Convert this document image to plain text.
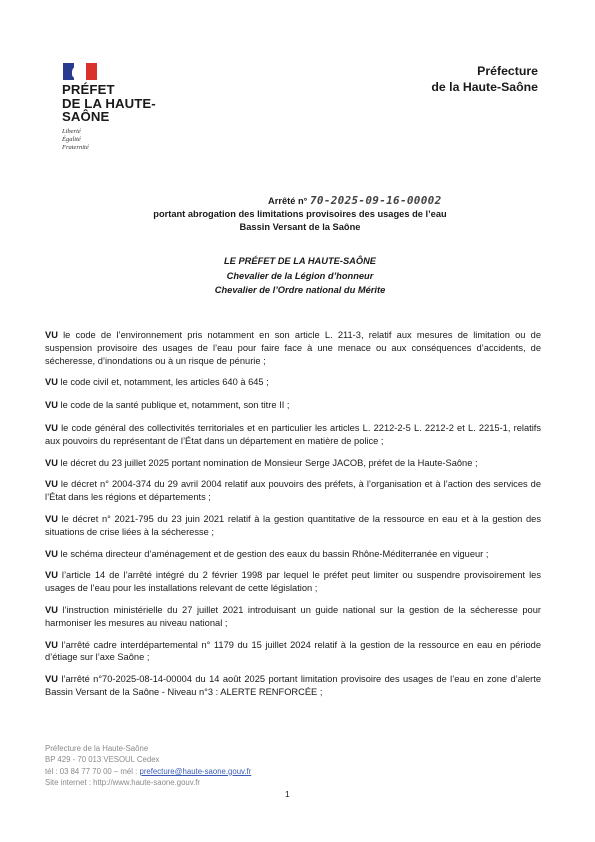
PRÉFET
DE LA HAUTE-
SAÔNE
Liberté
Égalité
Fraternité
Préfecture
de la Haute-Saône
Arrêté n° 70-2025-09-16-00002
portant abrogation des limitations provisoires des usages de l’eau
Bassin Versant de la Saône
LE PRÉFET DE LA HAUTE-SAÔNE
Chevalier de la Légion d’honneur
Chevalier de l’Ordre national du Mérite

VU le code de l’environnement pris notamment en son article L. 211-3, relatif aux mesures de limitation ou de suspension provisoire des usages de l’eau pour faire face à une menace ou aux conséquences d’accidents, de sécheresse, d’inondations ou à un risque de pénurie ;

VU le code civil et, notamment, les articles 640 à 645 ;

VU le code de la santé publique et, notamment, son titre II ;

VU le code général des collectivités territoriales et en particulier les articles L. 2212-2-5 L. 2212-2 et L. 2215-1, relatifs aux pouvoirs du représentant de l’État dans un département en matière de police ;

VU le décret du 23 juillet 2025 portant nomination de Monsieur Serge JACOB, préfet de la Haute-Saône ;

VU le décret n° 2004-374 du 29 avril 2004 relatif aux pouvoirs des préfets, à l’organisation et à l’action des services de l’État dans les régions et départements ;

VU le décret n° 2021-795 du 23 juin 2021 relatif à la gestion quantitative de la ressource en eau et à la gestion des situations de crise liées à la sécheresse ;

VU le schéma directeur d’aménagement et de gestion des eaux du bassin Rhône-Méditerranée en vigueur ;

VU l’article 14 de l’arrêté intégré du 2 février 1998 par lequel le préfet peut limiter ou suspendre provisoirement les usages de l’eau pour les installations relevant de cette législation ;

VU l’instruction ministérielle du 27 juillet 2021 introduisant un guide national sur la gestion de la sécheresse pour harmoniser les mesures au niveau national ;

VU l’arrêté cadre interdépartemental n° 1179 du 15 juillet 2024 relatif à la gestion de la ressource en eau en période d’étiage sur l’axe Saône ;

VU l’arrêté n°70-2025-08-14-00004 du 14 août 2025 portant limitation provisoire des usages de l’eau en zone d’alerte Bassin Versant de la Saône - Niveau n°3 : ALERTE RENFORCÉE ;

Préfecture de la Haute-Saône
BP 429 - 70 013 VESOUL Cedex
tél : 03 84 77 70 00 – mél : prefecture@haute-saone.gouv.fr
Site internet : http://www.haute-saone.gouv.fr
1
